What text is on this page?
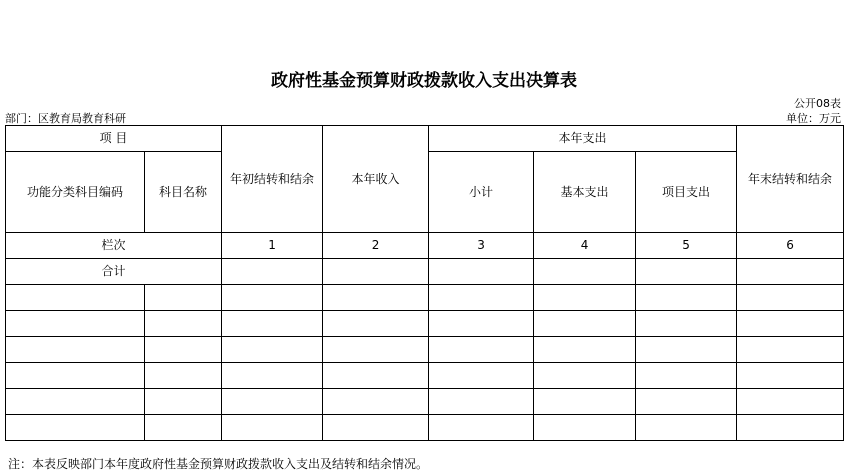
政府性基金预算财政拨款收入支出决算表
公开08表
部门：区教育局教育科研	单位：万元
项 目		年初结转和结余	本年收入	本年支出			年末结转和结余
功能分类科目编码	科目名称			小计	基本支出	项目支出	
栏次		1	2	3	4	5	6
合计							

注：本表反映部门本年度政府性基金预算财政拨款收入支出及结转和结余情况。
